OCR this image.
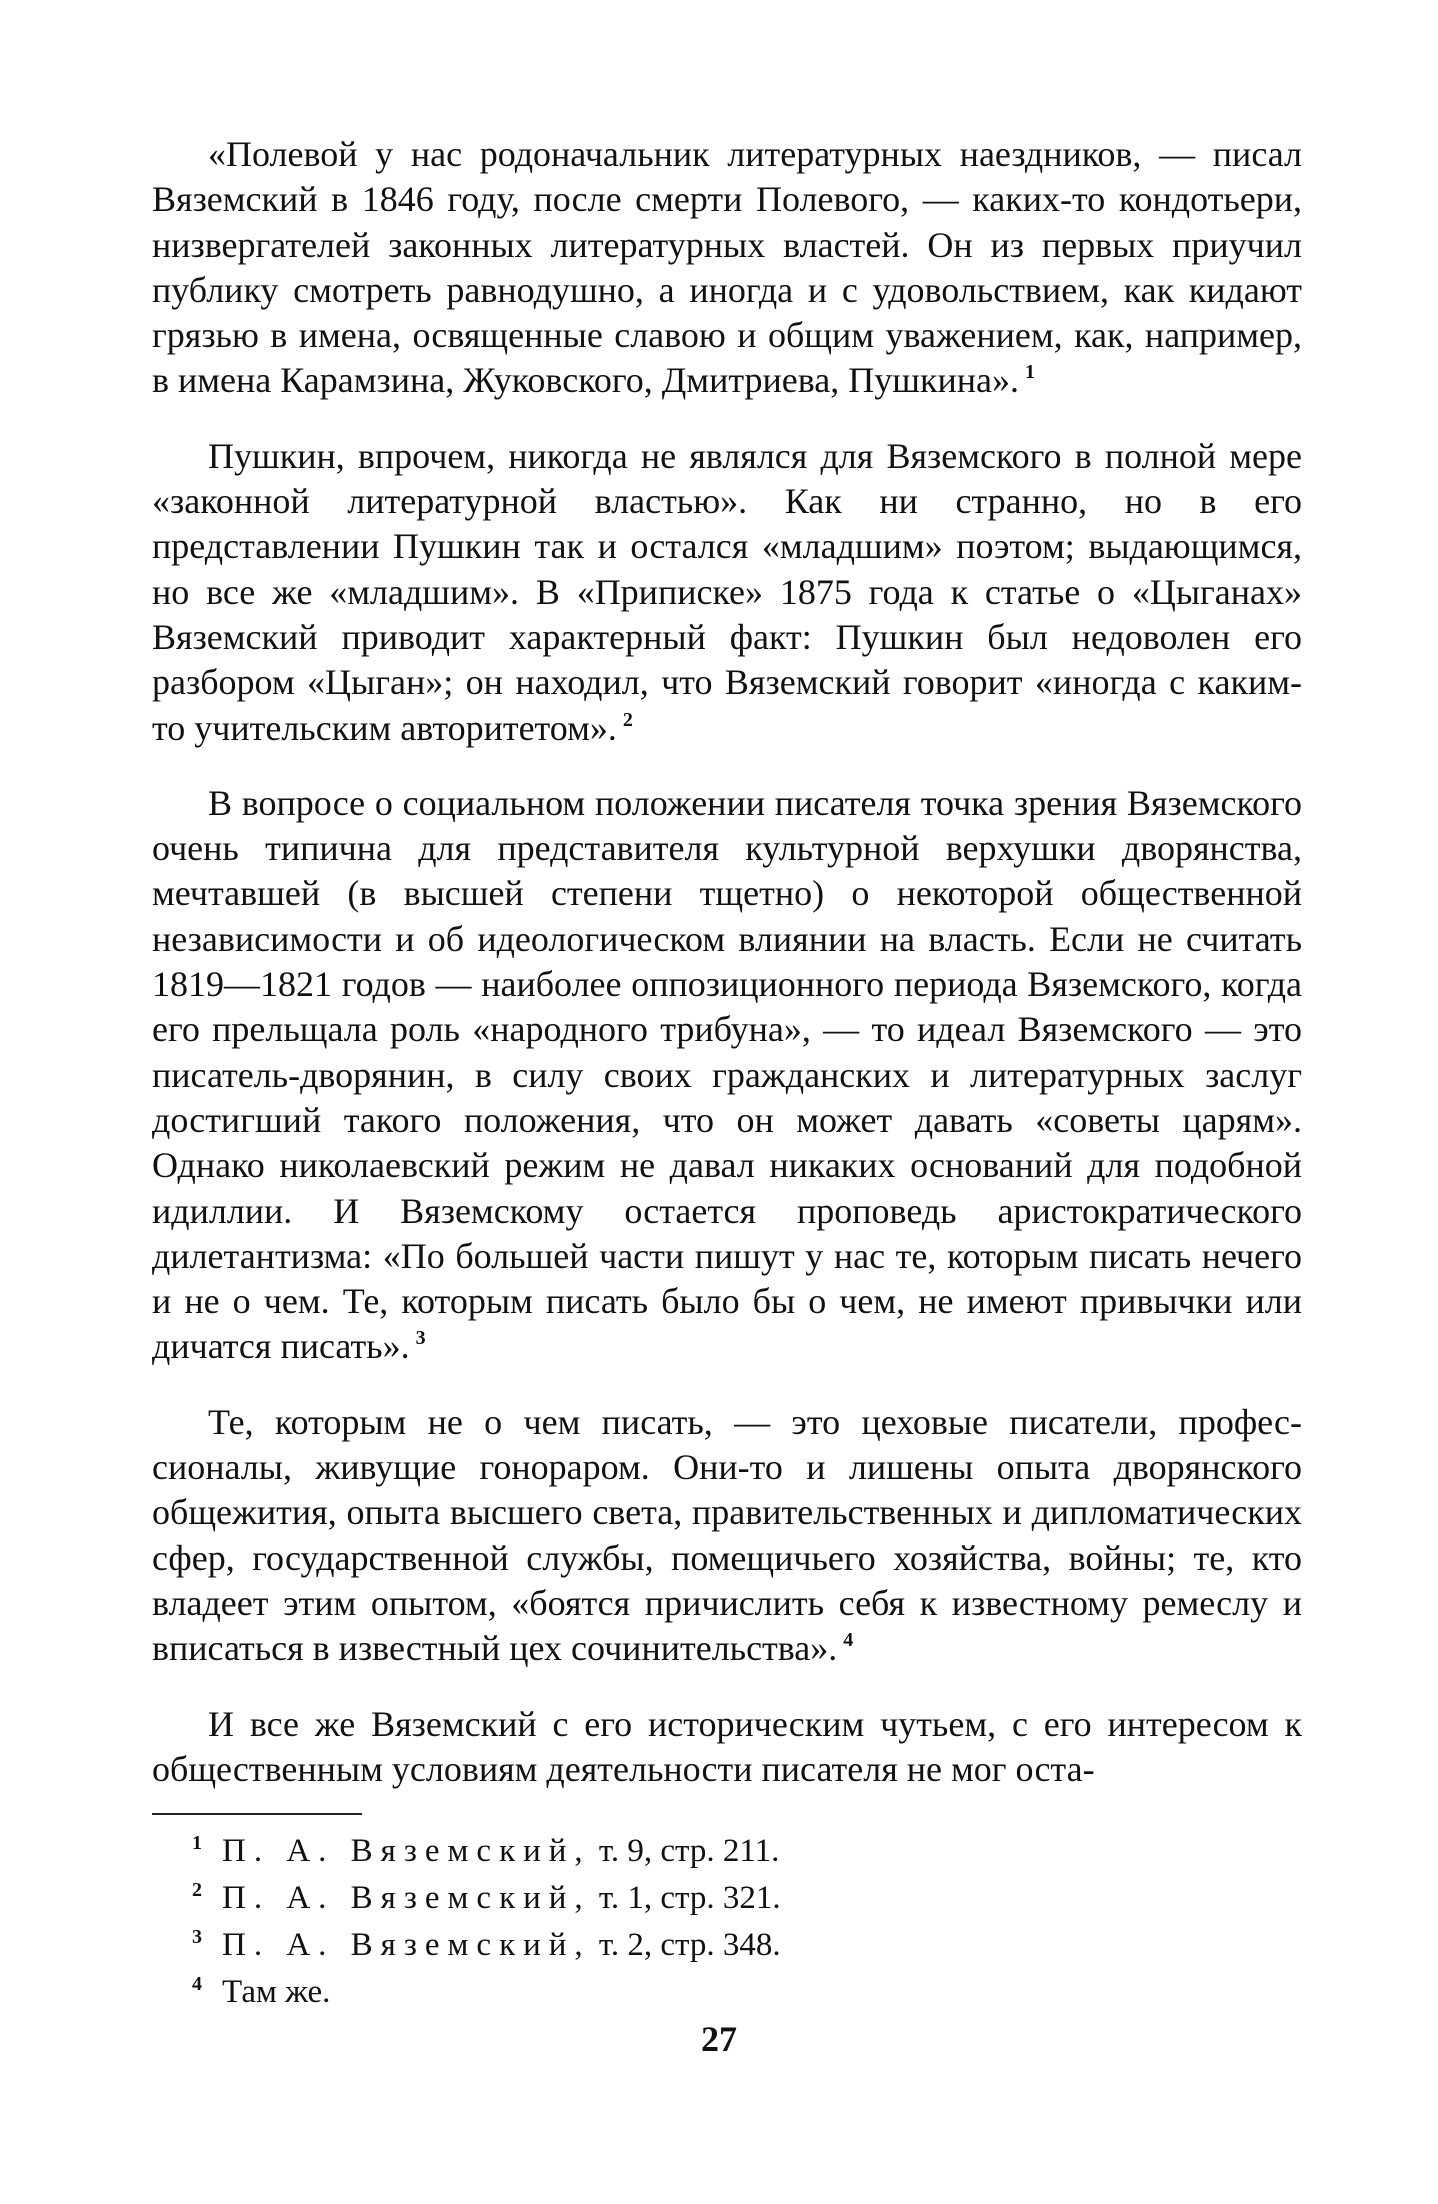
«Полевой у нас родоначальник литературных наездников, — писал Вяземский в 1846 году, после смерти Полевого, — каких-то кондотьери, низвергателей законных литературных властей. Он из первых приучил публику смотреть равнодушно, а иногда и с удовольствием, как кидают грязью в имена, освященные славою и общим уважением, как, например, в имена Карамзина, Жуковского, Дмитриева, Пушкина». $^1$

Пушкин, впрочем, никогда не являлся для Вяземского в полной мере «законной литературной властью». Как ни странно, но в его представлении Пушкин так и остался «младшим» поэтом; выдающимся, но все же «младшим». В «Приписке» 1875 года к статье о «Цыганах» Вяземский приводит характерный факт: Пушкин был недоволен его разбором «Цыган»; он находил, что Вяземский говорит «иногда с каким-то учительским авторитетом». $^2$

В вопросе о социальном положении писателя точка зрения Вяземского очень типична для представителя культурной верхушки дворянства, мечтавшей (в высшей степени тщетно) о некоторой общественной независимости и об идеологическом влиянии на власть. Если не считать 1819—1821 годов — наиболее оппозиционного периода Вяземского, когда его прельщала роль «народного трибуна», — то идеал Вяземского — это писатель-дворянин, в силу своих гражданских и литературных заслуг достигший такого положения, что он может давать «советы царям». Однако николаевский режим не давал никаких оснований для подобной идиллии. И Вяземскому остается проповедь аристократического дилетантизма: «По большей части пишут у нас те, которым писать нечего и не о чем. Те, которым писать было бы о чем, не имеют привычки или дичатся писать». $^3$

Те, которым не о чем писать, — это цеховые писатели, профессионалы, живущие гонораром. Они-то и лишены опыта дворянского общежития, опыта высшего света, правительственных и дипломатических сфер, государственной службы, помещичьего хозяйства, войны; те, кто владеет этим опытом, «боятся причислить себя к известному ремеслу и вписаться в известный цех сочинительства». $^4$

И все же Вяземский с его историческим чутьем, с его интересом к общественным условиям деятельности писателя не мог оста-

1 П. А. Вяземский, т. 9, стр. 211.
2 П. А. Вяземский, т. 1, стр. 321.
3 П. А. Вяземский, т. 2, стр. 348.
4 Там же.
27
